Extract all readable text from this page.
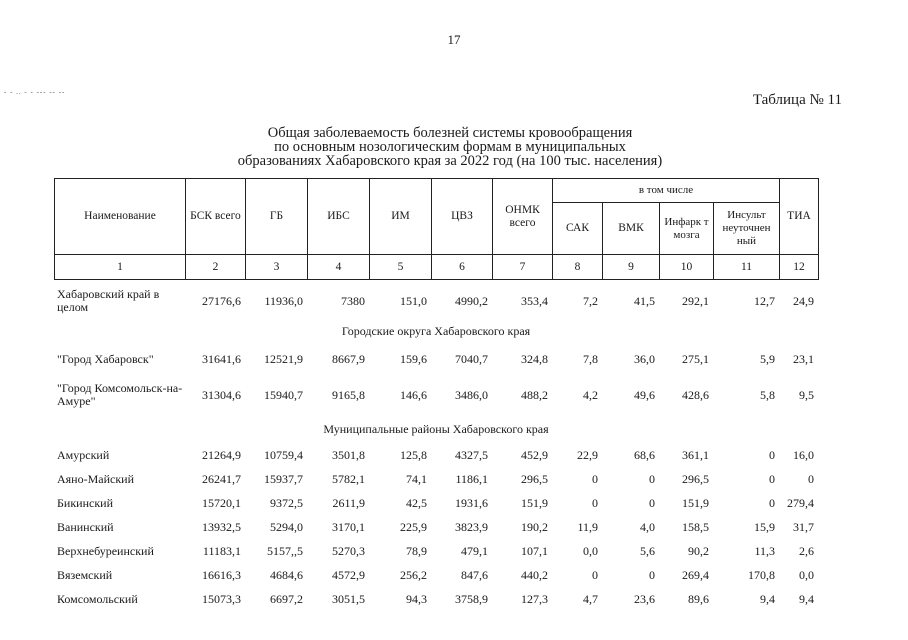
17
- - .. - - --- -- --	Таблица № 11
Общая заболеваемость болезней системы кровообращения
по основным нозологическим формам в муниципальных
образованиях Хабаровского края за 2022 год (на 100 тыс. населения)
Наименование	БСК всего	ГБ	ИБС	ИМ	ЦВЗ	ОНМК всего	в том числе				ТИА
							САК	ВМК	Инфарк т мозга	Инсульт неуточнен ный	
1	2	3	4	5	6	7	8	9	10	11	12
Хабаровский край в целом	27176,6	11936,0	7380	151,0	4990,2	353,4	7,2	41,5	292,1	12,7	24,9
Городские округа Хабаровского края											
"Город Хабаровск"	31641,6	12521,9	8667,9	159,6	7040,7	324,8	7,8	36,0	275,1	5,9	23,1
"Город Комсомольск-на-Амуре"	31304,6	15940,7	9165,8	146,6	3486,0	488,2	4,2	49,6	428,6	5,8	9,5
Муниципальные районы Хабаровского края											
Амурский	21264,9	10759,4	3501,8	125,8	4327,5	452,9	22,9	68,6	361,1	0	16,0
Аяно-Майский	26241,7	15937,7	5782,1	74,1	1186,1	296,5	0	0	296,5	0	0
Бикинский	15720,1	9372,5	2611,9	42,5	1931,6	151,9	0	0	151,9	0	279,4
Ванинский	13932,5	5294,0	3170,1	225,9	3823,9	190,2	11,9	4,0	158,5	15,9	31,7
Верхнебуреинский	11183,1	5157,,5	5270,3	78,9	479,1	107,1	0,0	5,6	90,2	11,3	2,6
Вяземский	16616,3	4684,6	4572,9	256,2	847,6	440,2	0	0	269,4	170,8	0,0
Комсомольский	15073,3	6697,2	3051,5	94,3	3758,9	127,3	4,7	23,6	89,6	9,4	9,4
